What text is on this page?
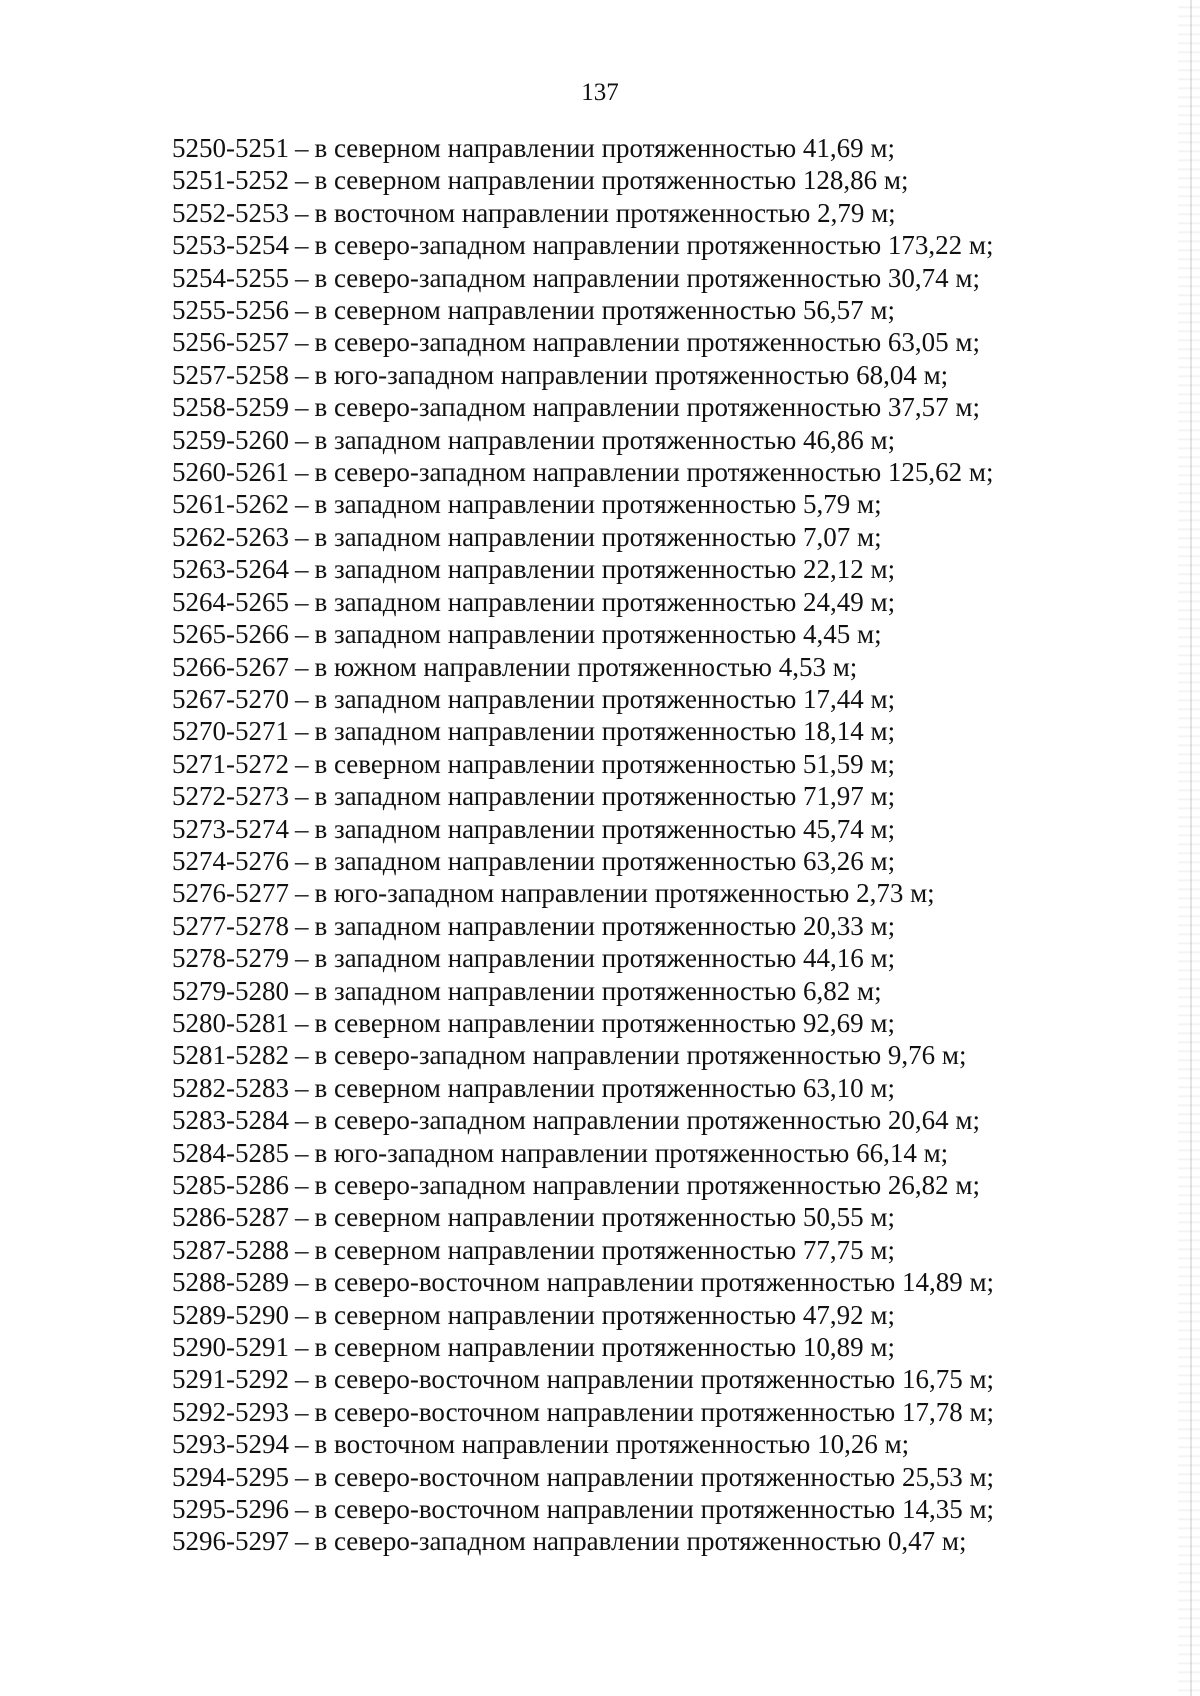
137
5250-5251 – в северном направлении протяженностью 41,69 м;
5251-5252 – в северном направлении протяженностью 128,86 м;
5252-5253 – в восточном направлении протяженностью 2,79 м;
5253-5254 – в северо-западном направлении протяженностью 173,22 м;
5254-5255 – в северо-западном направлении протяженностью 30,74 м;
5255-5256 – в северном направлении протяженностью 56,57 м;
5256-5257 – в северо-западном направлении протяженностью 63,05 м;
5257-5258 – в юго-западном направлении протяженностью 68,04 м;
5258-5259 – в северо-западном направлении протяженностью 37,57 м;
5259-5260 – в западном направлении протяженностью 46,86 м;
5260-5261 – в северо-западном направлении протяженностью 125,62 м;
5261-5262 – в западном направлении протяженностью 5,79 м;
5262-5263 – в западном направлении протяженностью 7,07 м;
5263-5264 – в западном направлении протяженностью 22,12 м;
5264-5265 – в западном направлении протяженностью 24,49 м;
5265-5266 – в западном направлении протяженностью 4,45 м;
5266-5267 – в южном направлении протяженностью 4,53 м;
5267-5270 – в западном направлении протяженностью 17,44 м;
5270-5271 – в западном направлении протяженностью 18,14 м;
5271-5272 – в северном направлении протяженностью 51,59 м;
5272-5273 – в западном направлении протяженностью 71,97 м;
5273-5274 – в западном направлении протяженностью 45,74 м;
5274-5276 – в западном направлении протяженностью 63,26 м;
5276-5277 – в юго-западном направлении протяженностью 2,73 м;
5277-5278 – в западном направлении протяженностью 20,33 м;
5278-5279 – в западном направлении протяженностью 44,16 м;
5279-5280 – в западном направлении протяженностью 6,82 м;
5280-5281 – в северном направлении протяженностью 92,69 м;
5281-5282 – в северо-западном направлении протяженностью 9,76 м;
5282-5283 – в северном направлении протяженностью 63,10 м;
5283-5284 – в северо-западном направлении протяженностью 20,64 м;
5284-5285 – в юго-западном направлении протяженностью 66,14 м;
5285-5286 – в северо-западном направлении протяженностью 26,82 м;
5286-5287 – в северном направлении протяженностью 50,55 м;
5287-5288 – в северном направлении протяженностью 77,75 м;
5288-5289 – в северо-восточном направлении протяженностью 14,89 м;
5289-5290 – в северном направлении протяженностью 47,92 м;
5290-5291 – в северном направлении протяженностью 10,89 м;
5291-5292 – в северо-восточном направлении протяженностью 16,75 м;
5292-5293 – в северо-восточном направлении протяженностью 17,78 м;
5293-5294 – в восточном направлении протяженностью 10,26 м;
5294-5295 – в северо-восточном направлении протяженностью 25,53 м;
5295-5296 – в северо-восточном направлении протяженностью 14,35 м;
5296-5297 – в северо-западном направлении протяженностью 0,47 м;
